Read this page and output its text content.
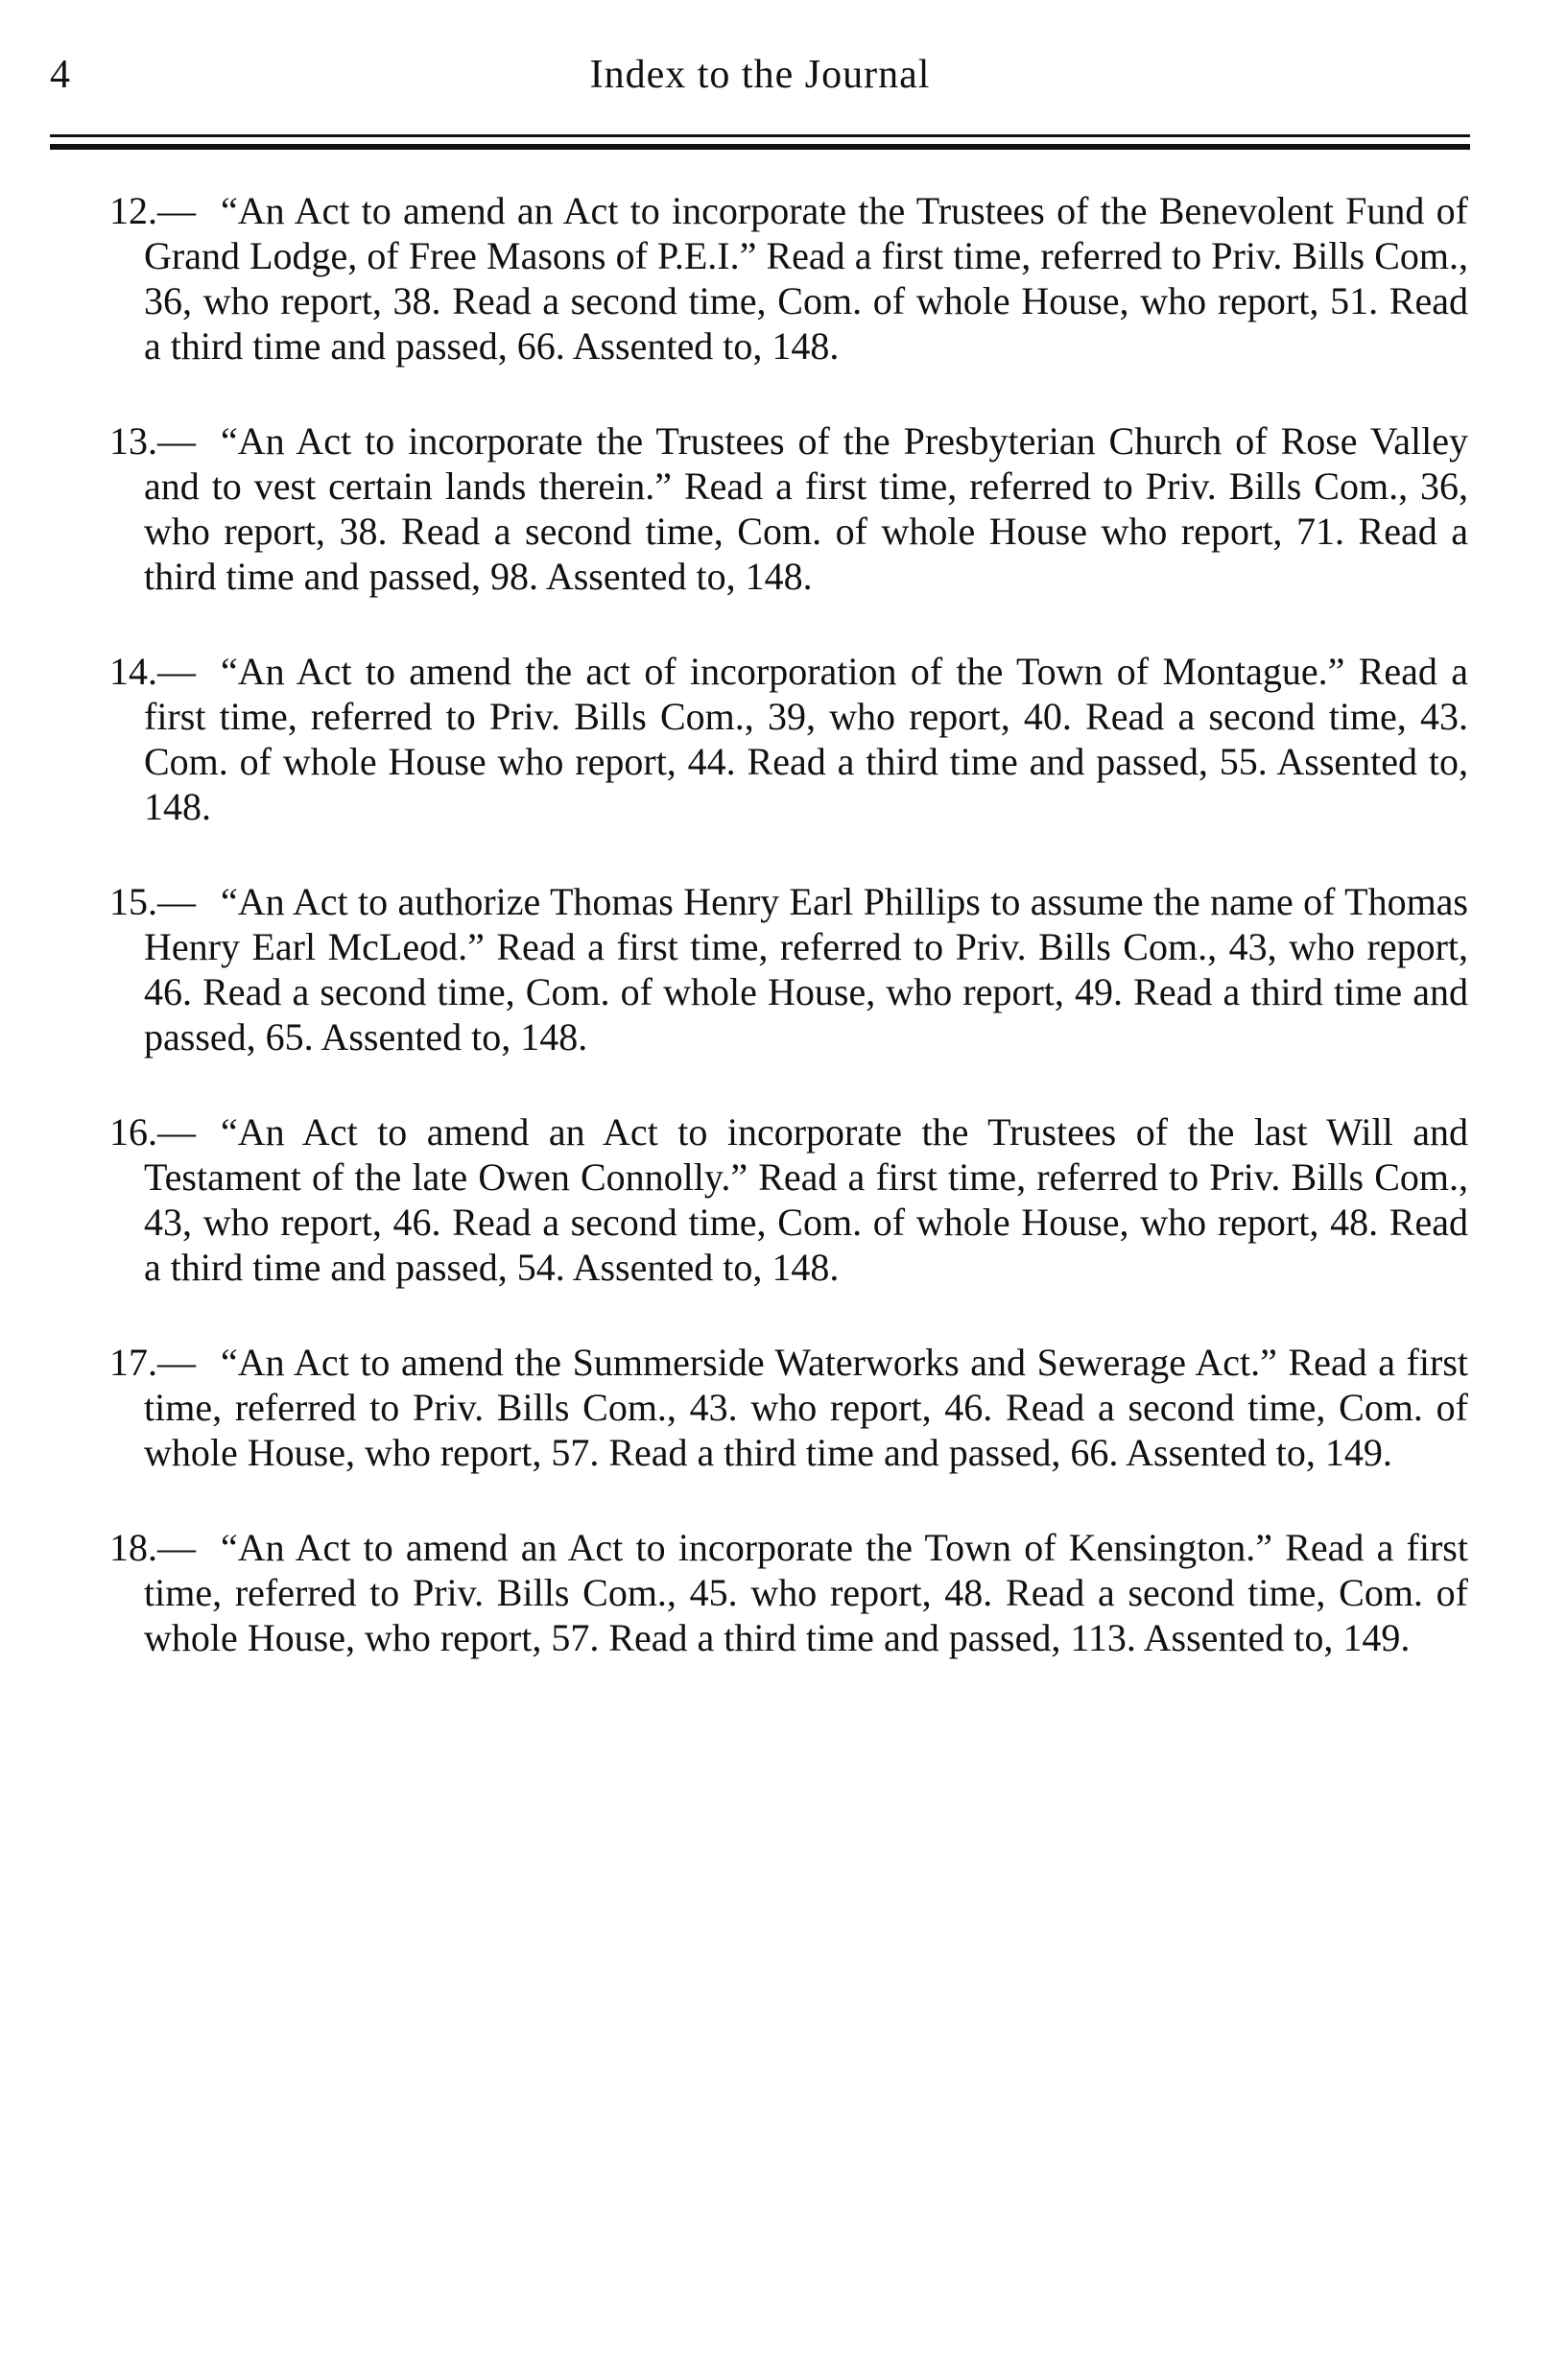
4	Index to the Journal

12.— “An Act to amend an Act to incorporate the Trustees of the Benevolent Fund of Grand Lodge, of Free Masons of P.E.I.” Read a first time, referred to Priv. Bills Com., 36, who report, 38. Read a second time, Com. of whole House, who report, 51. Read a third time and passed, 66. Assented to, 148.

13.— “An Act to incorporate the Trustees of the Presbyterian Church of Rose Valley and to vest certain lands therein.” Read a first time, referred to Priv. Bills Com., 36, who report, 38. Read a second time, Com. of whole House who report, 71. Read a third time and passed, 98. Assented to, 148.

14.— “An Act to amend the act of incorporation of the Town of Montague.” Read a first time, referred to Priv. Bills Com., 39, who report, 40. Read a second time, 43. Com. of whole House who report, 44. Read a third time and passed, 55. Assented to, 148.

15.— “An Act to authorize Thomas Henry Earl Phillips to assume the name of Thomas Henry Earl McLeod.” Read a first time, referred to Priv. Bills Com., 43, who report, 46. Read a second time, Com. of whole House, who report, 49. Read a third time and passed, 65. Assented to, 148.

16.— “An Act to amend an Act to incorporate the Trustees of the last Will and Testament of the late Owen Connolly.” Read a first time, referred to Priv. Bills Com., 43, who report, 46. Read a second time, Com. of whole House, who report, 48. Read a third time and passed, 54. Assented to, 148.

17.— “An Act to amend the Summerside Waterworks and Sewerage Act.” Read a first time, referred to Priv. Bills Com., 43. who report, 46. Read a second time, Com. of whole House, who report, 57. Read a third time and passed, 66. Assented to, 149.

18.— “An Act to amend an Act to incorporate the Town of Kensington.” Read a first time, referred to Priv. Bills Com., 45. who report, 48. Read a second time, Com. of whole House, who report, 57. Read a third time and passed, 113. Assented to, 149.
